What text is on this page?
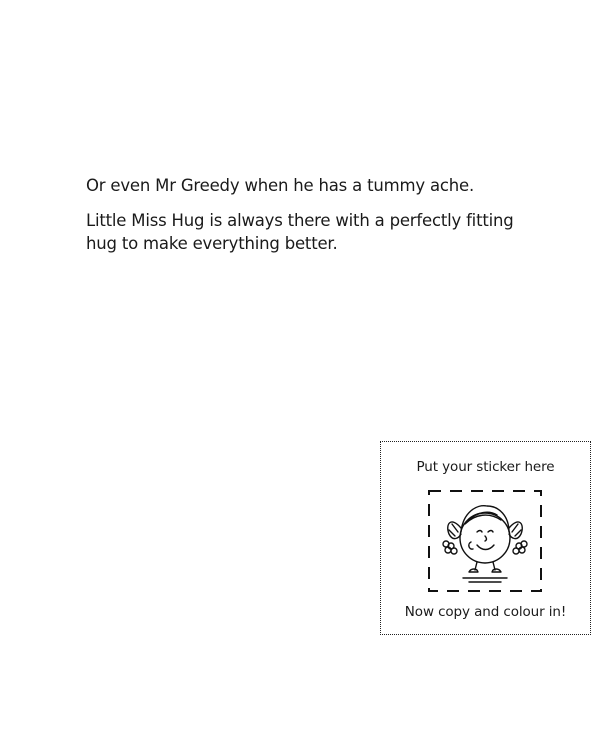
Or even Mr Greedy when he has a tummy ache.

Little Miss Hug is always there with a perfectly fitting hug to make everything better.

Put your sticker here
Now copy and colour in!
